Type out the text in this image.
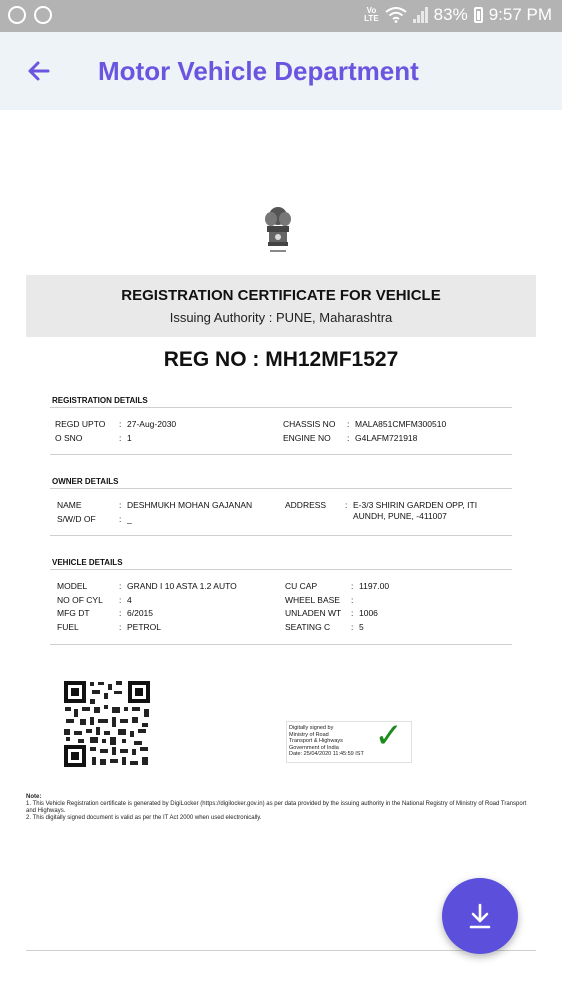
Vo
LTE	83% 9:57 PM
Motor Vehicle Department
REGISTRATION CERTIFICATE FOR VEHICLE
Issuing Authority : PUNE, Maharashtra
REG NO : MH12MF1527
REGISTRATION DETAILS
REGD UPTO : 27-Aug-2030
O SNO	: 1
CHASSIS NO : MALA851CMFM300510
ENGINE NO : G4LAFM721918
OWNER DETAILS
NAME	: DESHMUKH MOHAN GAJANAN
S/W/D OF	: _
ADDRESS : E-3/3 SHIRIN GARDEN OPP, ITI
AUNDH, PUNE, -411007
VEHICLE DETAILS
MODEL	: GRAND I 10 ASTA 1.2 AUTO
NO OF CYL : 4
MFG DT	: 6/2015
FUEL	: PETROL
CU CAP	: 1197.00
WHEEL BASE :
UNLADEN WT : 1006
SEATING C : 5
Digitally signed by
Ministry of Road
Transport & Highways
Government of India
Date: 25/04/2020 11:45:59 IST ✓
Note:
1. This Vehicle Registration certificate is generated by DigiLocker (https://digilocker.gov.in) as per data provided by the issuing authority in the National Registry of Ministry of Road Transport and Highways.
2. This digitally signed document is valid as per the IT Act 2000 when used electronically.
